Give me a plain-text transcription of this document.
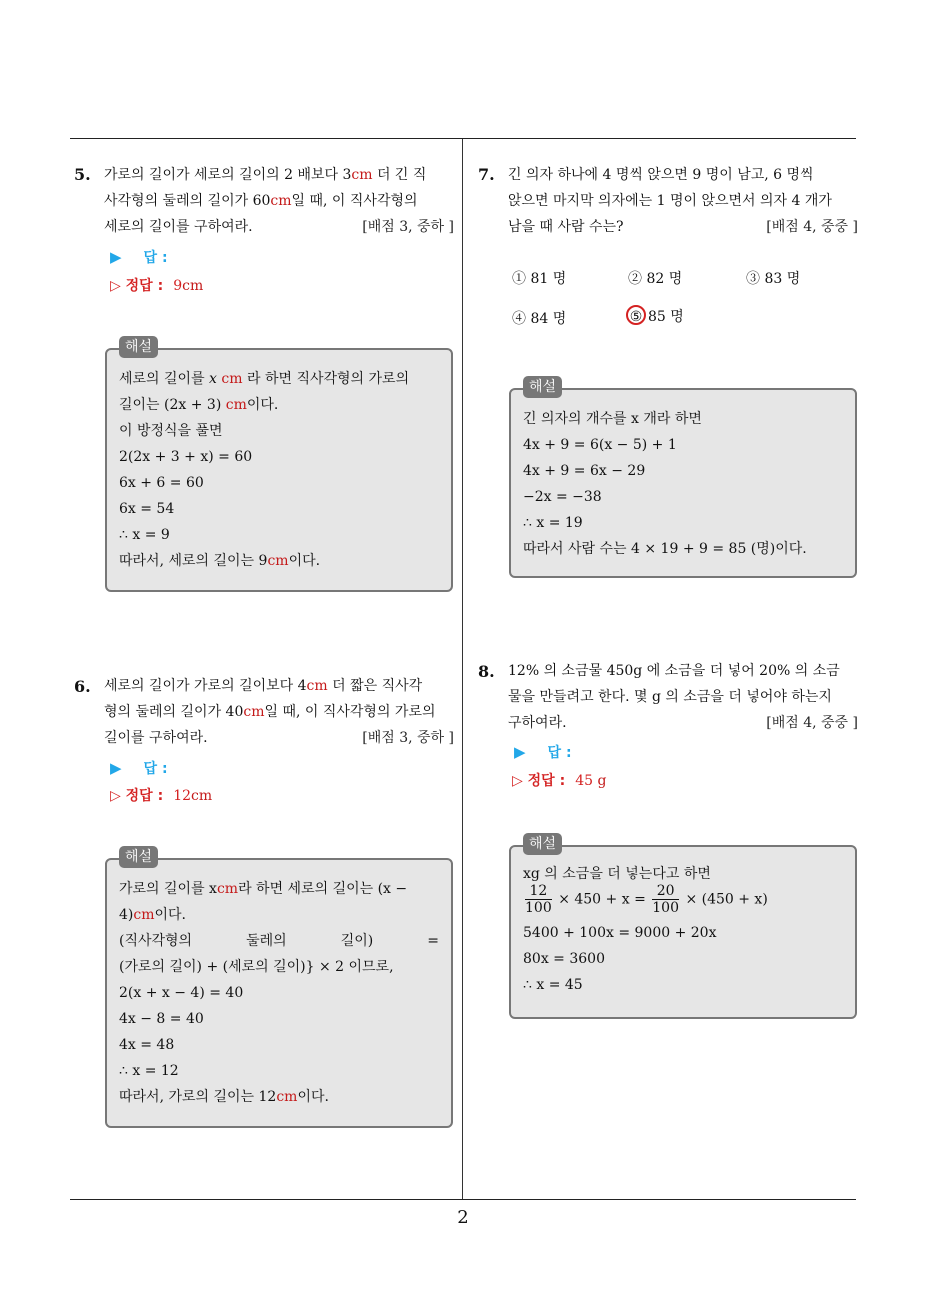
5. 가로의 길이가 세로의 길이의 2 배보다 3cm 더 긴 직
사각형의 둘레의 길이가 60cm일 때, 이 직사각형의
세로의 길이를 구하여라.	[배점 3, 중하 ]
▶ 답 :
▷ 정답 : 9cm
세로의 길이를 x cm 라 하면 직사각형의 가로의
길이는 (2x + 3) cm이다.
이 방정식을 풀면
2(2x + 3 + x) = 60
6x + 6 = 60
6x = 54
∴ x = 9
따라서, 세로의 길이는 9cm이다.
해설
6. 세로의 길이가 가로의 길이보다 4cm 더 짧은 직사각
형의 둘레의 길이가 40cm일 때, 이 직사각형의 가로의
길이를 구하여라.	[배점 3, 중하 ]
▶ 답 :
▷ 정답 : 12cm
가로의 길이를 xcm라 하면 세로의 길이는 (x −
4)cm이다.
(직사각형의	둘레의	길이)	=
(가로의 길이) + (세로의 길이)} × 2 이므로,
2(x + x − 4) = 40
4x − 8 = 40
4x = 48
∴ x = 12
따라서, 가로의 길이는 12cm이다.
해설
7. 긴 의자 하나에 4 명씩 앉으면 9 명이 남고, 6 명씩
앉으면 마지막 의자에는 1 명이 앉으면서 의자 4 개가
남을 때 사람 수는?	[배점 4, 중중 ]
① 81 명	② 82 명	③ 83 명
④ 84 명	⑤ 85 명
긴 의자의 개수를 x 개라 하면
4x + 9 = 6(x − 5) + 1
4x + 9 = 6x − 29
−2x = −38
∴ x = 19
따라서 사람 수는 4 × 19 + 9 = 85 (명)이다.
해설
8. 12% 의 소금물 450g 에 소금을 더 넣어 20% 의 소금
물을 만들려고 한다. 몇 g 의 소금을 더 넣어야 하는지
구하여라.	[배점 4, 중중 ]
▶ 답 :
▷ 정답 : 45 g
xg 의 소금을 더 넣는다고 하면
$\frac{12}{100} \times 450 + x = \frac{20}{100} \times (450 + x)$
5400 + 100x = 9000 + 20x
80x = 3600
∴ x = 45
해설
2
